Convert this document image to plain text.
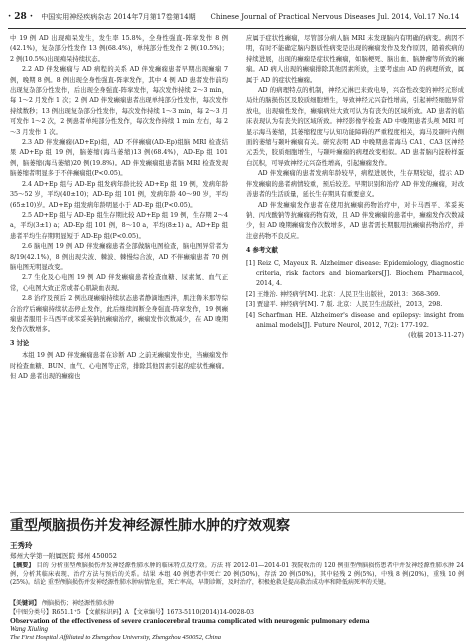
· 28 · 中国实用神经疾病杂志 2014年7月第17卷第14期 Chinese Journal of Practical Nervous Diseases Jul. 2014, Vol.17 No.14

中 19 例 AD 出现痴呆发生，发生率 15.8%，全身性强直-阵挛发作 8 例(42.1%)，复杂部分性发作 13 例(68.4%)，单纯部分性发作 2 例(10.5%)；2 例(10.5%)出现痴呆持续状态。

2.2 AD 伴发癫痫与 AD 病程的关系 AD 伴发癫痫患者早期出现癫痫 7 例，晚期 8 例。8 例出现全身性强直-阵挛发作，其中 4 例 AD 患者发作前均出现复杂部分性发作，后出现全身强直-阵挛发作，每次发作持续 2～3 min，每 1～2 月发作 1 次；2 例 AD 伴发癫痫患者出现单纯部分性发作，每次发作持续数秒；13 例出现复杂部分性发作，每次发作持续 1～3 min，每 2～3 月可发作 1～2 次，2 例患者单纯部分性发作，每次发作持续 1 min 左右，每 2～3 月发作 1 次。

2.3 AD 伴发癫痫(AD+Ep)组，AD 不伴癫痫(AD-Ep)组脑 MRI 检查结果 AD+Ep 组 19 例，脑萎缩(海马萎缩)13 例(68.4%)，AD-Ep 组 101 例，脑萎缩(海马萎缩)20 例(19.8%)。AD 伴发癫痫组患者脑 MRI 检查发现脑萎缩者明显多于不伴癫痫组(P<0.05)。

2.4 AD+Ep 组与 AD-Ep 组发病年龄比较 AD+Ep 组 19 例，发病年龄 35～52 岁，平均(40±10)；AD-Ep 组 101 例，发病年龄 40～90 岁，平均(65±10)岁。AD+Ep 组发病年龄明显小于 AD-Ep 组(P<0.05)。

2.5 AD+Ep 组与 AD-Ep 组生存期比较 AD+Ep 组 19 例，生存期 2～4 a，平均(3±1) a；AD-Ep 组 101 例，8～10 a，平均(8±1) a。AD+Ep 组患者平均生存期明显短于 AD-Ep 组(P<0.05)。

2.6 脑电图 19 例 AD 伴发癫痫患者全部做脑电图检查，脑电图异常者为 8/19(42.1%)，8 例出现尖波、棘波、棘慢综合波，AD 不伴癫痫患者 70 例脑电图无明显改变。

2.7 生化及心电图 19 例 AD 伴发癫痫患者检查血糖、尿素氮、血气正常，心电图大致正常或者心肌缺血表现。

2.8 治疗及预后 2 例出现癫痫持续状态患者静滴地西泮，肌注鲁米那等综合治疗后癫痫持续状态停止发作，此后继续间断全身强直-阵挛发作，19 例癫痫患者服用卡马西平或苯妥英钠抗癫痫治疗，癫痫发作次数减少，在 AD 晚期发作次数增多。

3 讨论

本组 19 例 AD 伴发癫痫患者在诊断 AD 之前无癫痫发作史，当癫痫发作时检查血糖、BUN、血气、心电图等正常，排除其他因素引起的症状性癫痫。但 AD 患者出现的癫痫也

应属于症状性癫痫，尽管部分病人脑 MRI 未发现脑内有明确的病变。病因不明，有时不能确定脑内器质性病变是出现的癫痫发作及发作原因，随着疾病的持续进展，出现的癫痫是症状性癫痫，如脑梗死、脑出血、脑肿瘤等所致的癫痫。AD 病人出现的癫痫排除其他因素所致，主要考虑由 AD 的病理所致，属属于 AD 的症状性癫痫。

AD 的病理特点的机制，神经元淋巴来致电导，兴奋性改变的神经元形成局灶的脑损伤区及胶质细胞增生，导致神经元兴奋性增高，引起神经细胞异常放电，出现痫性发作，癫痫病灶大致可认为有丧失的区域所致。AD 患者的临床表现认为有丧失的区域所致。神经影像学检查 AD 中晚期患者头颅 MRI 可显示海马萎缩，其萎缩程度与认知功能障碍的严重程度相关，海马及颞叶内侧面的萎缩与颞叶癫痫有关。研究表明 AD 中晚期患者海马 CA1、CA3 区神经元丢失，胶质细胞增生，与颞叶癫痫的病理改变相似。AD 患者脑内淀粉样蛋白沉积，可导致神经元兴奋性增高，引起癫痫发作。

AD 伴发癫痫的患者发病年龄较早，病程进展快，生存期较短，提示 AD 伴发癫痫的患者病情较重，预后较差。早期识别和治疗 AD 伴发的癫痫，对改善患者的生活质量，延长生存期具有重要意义。

AD 伴发癫痫发作患者在使用抗癫痫药物治疗中，对卡马西平、苯妥英钠、丙戊酸钠等抗癫痫药物有效，且 AD 伴发癫痫的患者中，癫痫发作次数减少，但 AD 晚期癫痫发作次数增多，AD 患者需长期服用抗癫痫药物治疗，并注意药物不良反应。

4 参考文献

[1] Reiz C, Mayeux R. Alzheimer disease: Epidemiology, diagnostic criteria, risk factors and biomarkers[J]. Biochem Pharmacol, 2014, 4.

[2] 王维治. 神经病学[M]. 北京：人民卫生出版社，2013：368-369.

[3] 贾建平. 神经病学[M]. 7 版. 北京：人民卫生出版社，2013，298.

[4] Scharfman HE. Alzheimer's disease and epilepsy: insight from animal models[J]. Future Neurol, 2012, 7(2): 177-192.

(收稿 2013-11-27)

重型颅脑损伤并发神经源性肺水肿的疗效观察
王秀玲
郑州大学第一附属医院 郑州 450052
【摘要】 目的 分析重型颅脑损伤并发神经源性肺水肿的临床特点及疗效。方法 将 2012-01—2014-01 我院收治的 120 例重型颅脑损伤患者中并发神经源性肺水肿 24 例，分析其临床表现、治疗方法与预后的关系。结果 本组 40 例患者中死亡 20 例(50%)，存活 20 例(50%)，其中轻残 2 例(5%)，中残 8 例(20%)，重残 10 例(25%)。结论 重型颅脑损伤并发神经源性肺水肿病情危重，死亡率高，早期诊断，及时治疗，积极抢救是提高救治成功率和降低病死率的关键。
【关键词】 颅脑损伤；神经源性肺水肿
【中图分类号】R651.1⁺5 【文献标识码】A 【文章编号】1673-5110(2014)14-0028-03
Observation of the effectiveness of severe craniocerebral trauma complicated with neurogenic pulmonary edema
Wang Xiuling
The First Hospital Affiliated to Zhengzhou University, Zhengzhou 450052, China
